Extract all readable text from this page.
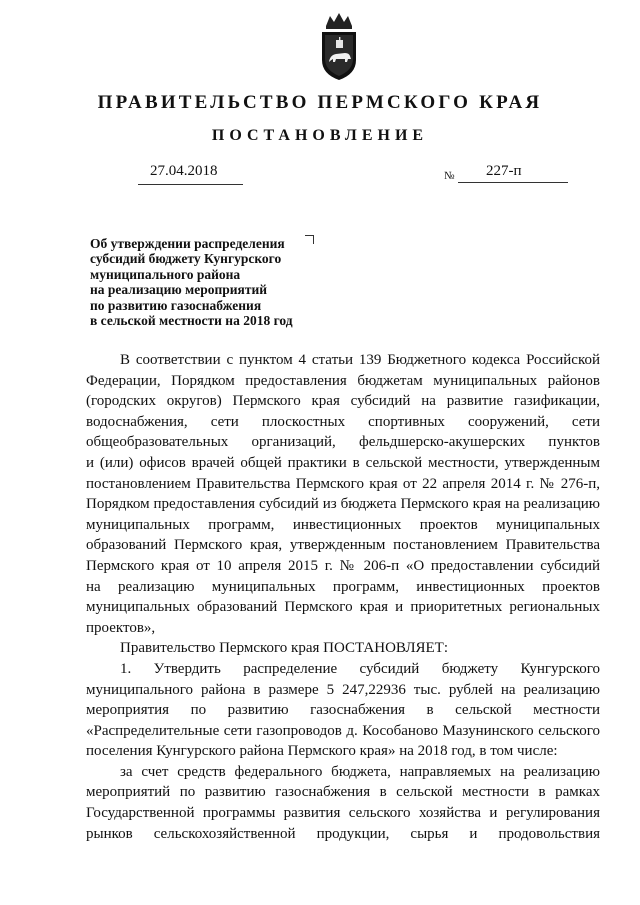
ПРАВИТЕЛЬСТВО ПЕРМСКОГО КРАЯ
ПОСТАНОВЛЕНИЕ
27.04.2018	№ 227-п
Об утверждении распределения
субсидий бюджету Кунгурского
муниципального района
на реализацию мероприятий
по развитию газоснабжения
в сельской местности на 2018 год
В соответствии с пунктом 4 статьи 139 Бюджетного кодекса Российской
Федерации, Порядком предоставления бюджетам муниципальных районов
(городских округов) Пермского края субсидий на развитие газификации,
водоснабжения, сети плоскостных спортивных сооружений, сети
общеобразовательных организаций, фельдшерско-акушерских пунктов
и (или) офисов врачей общей практики в сельской местности, утвержденным
постановлением Правительства Пермского края от 22 апреля 2014 г. № 276-п,
Порядком предоставления субсидий из бюджета Пермского края на реализацию
муниципальных программ, инвестиционных проектов муниципальных
образований Пермского края, утвержденным постановлением Правительства
Пермского края от 10 апреля 2015 г. № 206-п «О предоставлении субсидий
на реализацию муниципальных программ, инвестиционных проектов
муниципальных образований Пермского края и приоритетных региональных
проектов»,
Правительство Пермского края ПОСТАНОВЛЯЕТ:
1. Утвердить распределение субсидий бюджету Кунгурского
муниципального района в размере 5 247,22936 тыс. рублей на реализацию
мероприятия по развитию газоснабжения в сельской местности
«Распределительные сети газопроводов д. Кособаново Мазунинского сельского
поселения Кунгурского района Пермского края» на 2018 год, в том числе:
за счет средств федерального бюджета, направляемых на реализацию
мероприятий по развитию газоснабжения в сельской местности в рамках
Государственной программы развития сельского хозяйства и регулирования
рынков сельскохозяйственной продукции, сырья и продовольствия
